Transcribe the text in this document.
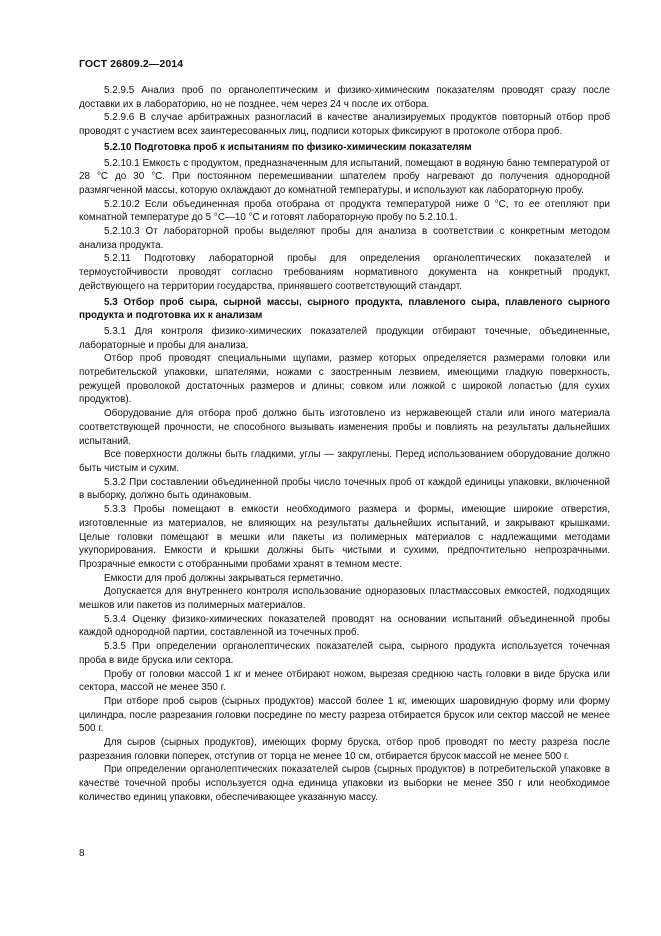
ГОСТ 26809.2—2014

5.2.9.5 Анализ проб по органолептическим и физико-химическим показателям проводят сразу после доставки их в лабораторию, но не позднее, чем через 24 ч после их отбора.

5.2.9.6 В случае арбитражных разногласий в качестве анализируемых продуктов повторный отбор проб проводят с участием всех заинтересованных лиц, подписи которых фиксируют в протоколе отбора проб.

5.2.10 Подготовка проб к испытаниям по физико-химическим показателям

5.2.10.1 Емкость с продуктом, предназначенным для испытаний, помещают в водяную баню температурой от 28 °С до 30 °С. При постоянном перемешивании шпателем пробу нагревают до получения однородной размягченной массы, которую охлаждают до комнатной температуры, и используют как лабораторную пробу.

5.2.10.2 Если объединенная проба отобрана от продукта температурой ниже 0 °С, то ее отепляют при комнатной температуре до 5 °С—10 °С и готовят лабораторную пробу по 5.2.10.1.

5.2.10.3 От лабораторной пробы выделяют пробы для анализа в соответствии с конкретным методом анализа продукта.

5.2.11 Подготовку лабораторной пробы для определения органолептических показателей и термоустойчивости проводят согласно требованиям нормативного документа на конкретный продукт, действующего на территории государства, принявшего соответствующий стандарт.

5.3 Отбор проб сыра, сырной массы, сырного продукта, плавленого сыра, плавленого сырного продукта и подготовка их к анализам

5.3.1 Для контроля физико-химических показателей продукции отбирают точечные, объединенные, лабораторные и пробы для анализа.

Отбор проб проводят специальными щупами, размер которых определяется размерами головки или потребительской упаковки, шпателями, ножами с заостренным лезвием, имеющими гладкую поверхность, режущей проволокой достаточных размеров и длины; совком или ложкой с широкой лопастью (для сухих продуктов).

Оборудование для отбора проб должно быть изготовлено из нержавеющей стали или иного материала соответствующей прочности, не способного вызывать изменения пробы и повлиять на результаты дальнейших испытаний.

Все поверхности должны быть гладкими, углы — закруглены. Перед использованием оборудование должно быть чистым и сухим.

5.3.2 При составлении объединенной пробы число точечных проб от каждой единицы упаковки, включенной в выборку, должно быть одинаковым.

5.3.3 Пробы помещают в емкости необходимого размера и формы, имеющие широкие отверстия, изготовленные из материалов, не влияющих на результаты дальнейших испытаний, и закрывают крышками. Целые головки помещают в мешки или пакеты из полимерных материалов с надлежащими методами укупорирования. Емкости и крышки должны быть чистыми и сухими, предпочтительно непрозрачными. Прозрачные емкости с отобранными пробами хранят в темном месте.

Емкости для проб должны закрываться герметично.

Допускается для внутреннего контроля использование одноразовых пластмассовых емкостей, подходящих мешков или пакетов из полимерных материалов.

5.3.4 Оценку физико-химических показателей проводят на основании испытаний объединенной пробы каждой однородной партии, составленной из точечных проб.

5.3.5 При определении органолептических показателей сыра, сырного продукта используется точечная проба в виде бруска или сектора.

Пробу от головки массой 1 кг и менее отбирают ножом, вырезая среднюю часть головки в виде бруска или сектора, массой не менее 350 г.

При отборе проб сыров (сырных продуктов) массой более 1 кг, имеющих шаровидную форму или форму цилиндра, после разрезания головки посредине по месту разреза отбирается брусок или сектор массой не менее 500 г.

Для сыров (сырных продуктов), имеющих форму бруска, отбор проб проводят по месту разреза после разрезания головки поперек, отступив от торца не менее 10 см, отбирается брусок массой не менее 500 г.

При определении органолептических показателей сыров (сырных продуктов) в потребительской упаковке в качестве точечной пробы используется одна единица упаковки из выборки не менее 350 г или необходимое количество единиц упаковки, обеспечивающее указанную массу.

8
